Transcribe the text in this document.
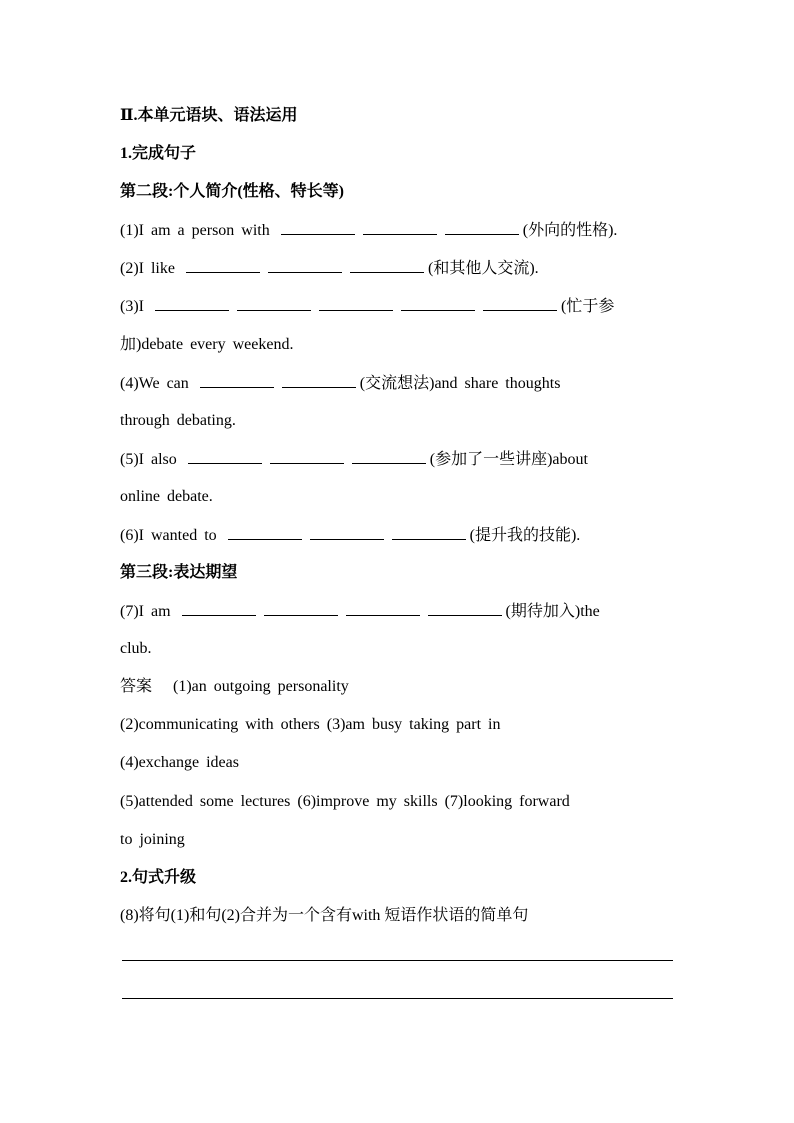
Ⅱ.本单元语块、语法运用
1.完成句子
第二段:个人简介(性格、特长等)
(1)I am a person with	(外向的性格).
(2)I like	(和其他人交流).
(3)I	(忙于参
加)debate every weekend.
(4)We can	(交流想法)and share thoughts
through debating.
(5)I also	(参加了一些讲座)about
online debate.
(6)I wanted to	(提升我的技能).
第三段:表达期望
(7)I am	(期待加入)the
club.
答案 (1)an outgoing personality
(2)communicating with others (3)am busy taking part in
(4)exchange ideas
(5)attended some lectures (6)improve my skills (7)looking forward
to joining
2.句式升级
(8)将句(1)和句(2)合并为一个含有with 短语作状语的简单句
